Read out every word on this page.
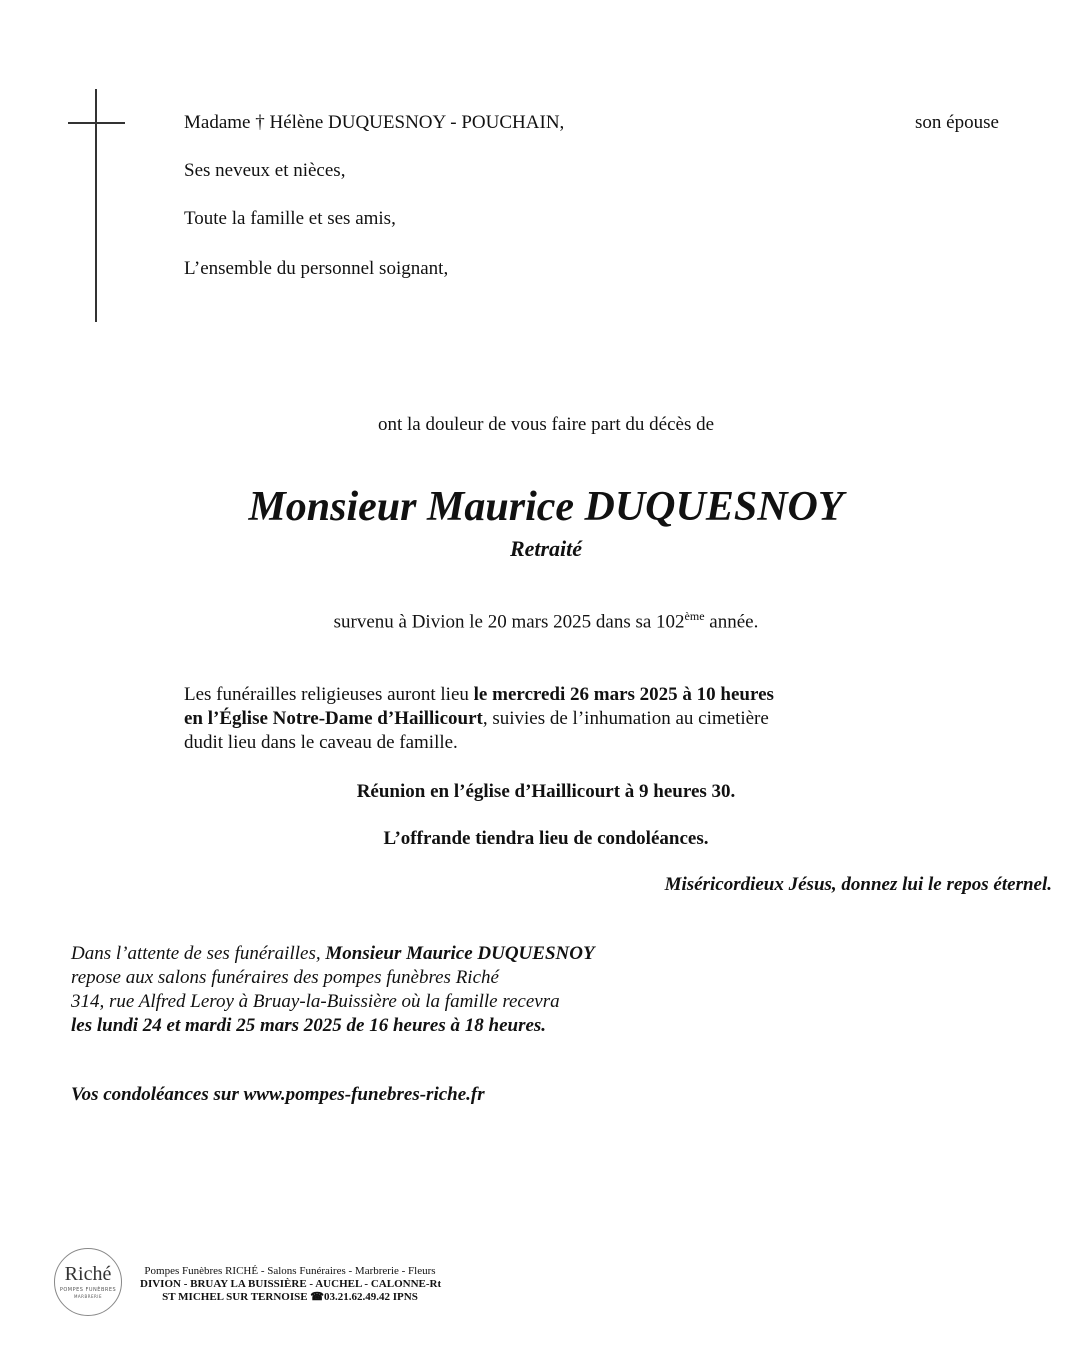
Madame † Hélène DUQUESNOY - POUCHAIN,	son épouse
Ses neveux et nièces,
Toute la famille et ses amis,
L’ensemble du personnel soignant,
ont la douleur de vous faire part du décès de
Monsieur Maurice DUQUESNOY
Retraité
survenu à Divion le 20 mars 2025 dans sa 102ème année.
Les funérailles religieuses auront lieu le mercredi 26 mars 2025 à 10 heures
en l’Église Notre-Dame d’Haillicourt, suivies de l’inhumation au cimetière
dudit lieu dans le caveau de famille.
Réunion en l’église d’Haillicourt à 9 heures 30.
L’offrande tiendra lieu de condoléances.
Miséricordieux Jésus, donnez lui le repos éternel.
Dans l’attente de ses funérailles, Monsieur Maurice DUQUESNOY
repose aux salons funéraires des pompes funèbres Riché
314, rue Alfred Leroy à Bruay-la-Buissière où la famille recevra
les lundi 24 et mardi 25 mars 2025 de 16 heures à 18 heures.
Vos condoléances sur www.pompes-funebres-riche.fr
Riché
POMPES FUNÈBRES
MARBRERIE
Pompes Funèbres RICHÉ - Salons Funéraires - Marbrerie - Fleurs
DIVION - BRUAY LA BUISSIÈRE - AUCHEL - CALONNE-Rt
ST MICHEL SUR TERNOISE ☎03.21.62.49.42 IPNS
